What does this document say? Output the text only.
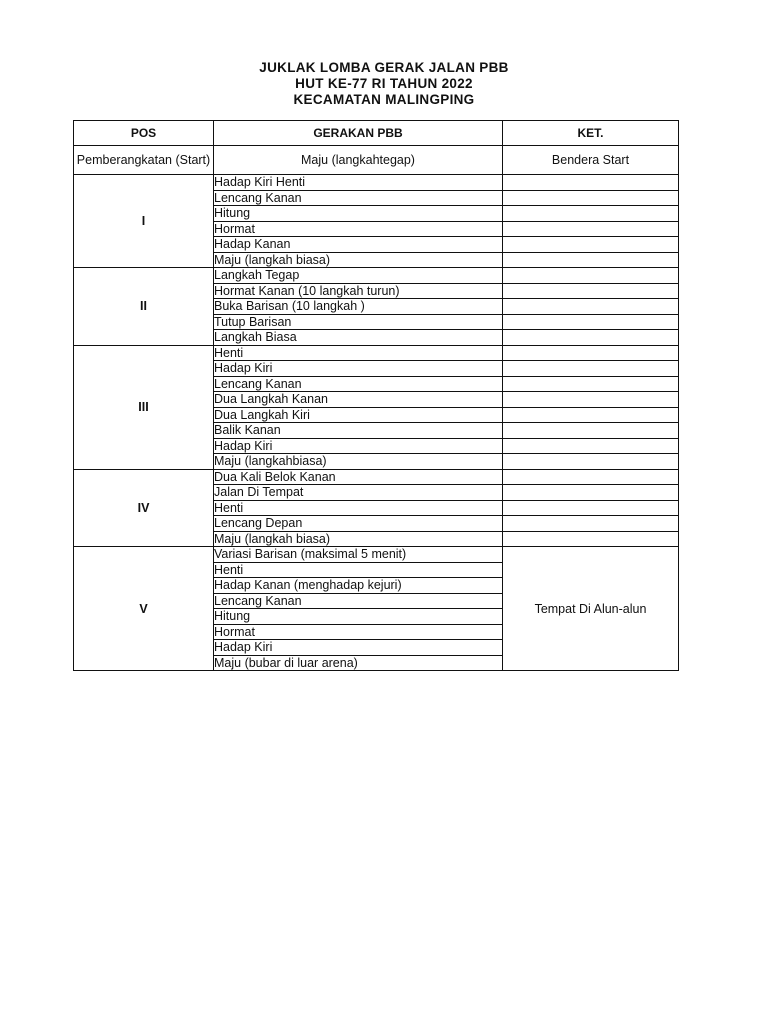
JUKLAK LOMBA GERAK JALAN PBB
HUT KE-77 RI TAHUN 2022
KECAMATAN MALINGPING
POS	GERAKAN PBB	KET.
Pemberangkatan (Start)	Maju (langkahtegap)	Bendera Start
I	Hadap Kiri Henti	
	Lencang Kanan	
	Hitung	
	Hormat	
	Hadap Kanan	
	Maju (langkah biasa)	
II	Langkah Tegap	
	Hormat Kanan (10 langkah turun)	
	Buka Barisan (10 langkah )	
	Tutup Barisan	
	Langkah Biasa	
III	Henti	
	Hadap Kiri	
	Lencang Kanan	
	Dua Langkah Kanan	
	Dua Langkah Kiri	
	Balik Kanan	
	Hadap Kiri	
	Maju (langkahbiasa)	
IV	Dua Kali Belok Kanan	
	Jalan Di Tempat	
	Henti	
	Lencang Depan	
	Maju (langkah biasa)	
V	Variasi Barisan (maksimal 5 menit)	Tempat Di Alun-alun
	Henti	
	Hadap Kanan (menghadap kejuri)	
	Lencang Kanan	
	Hitung	
	Hormat	
	Hadap Kiri	
	Maju (bubar di luar arena)	
